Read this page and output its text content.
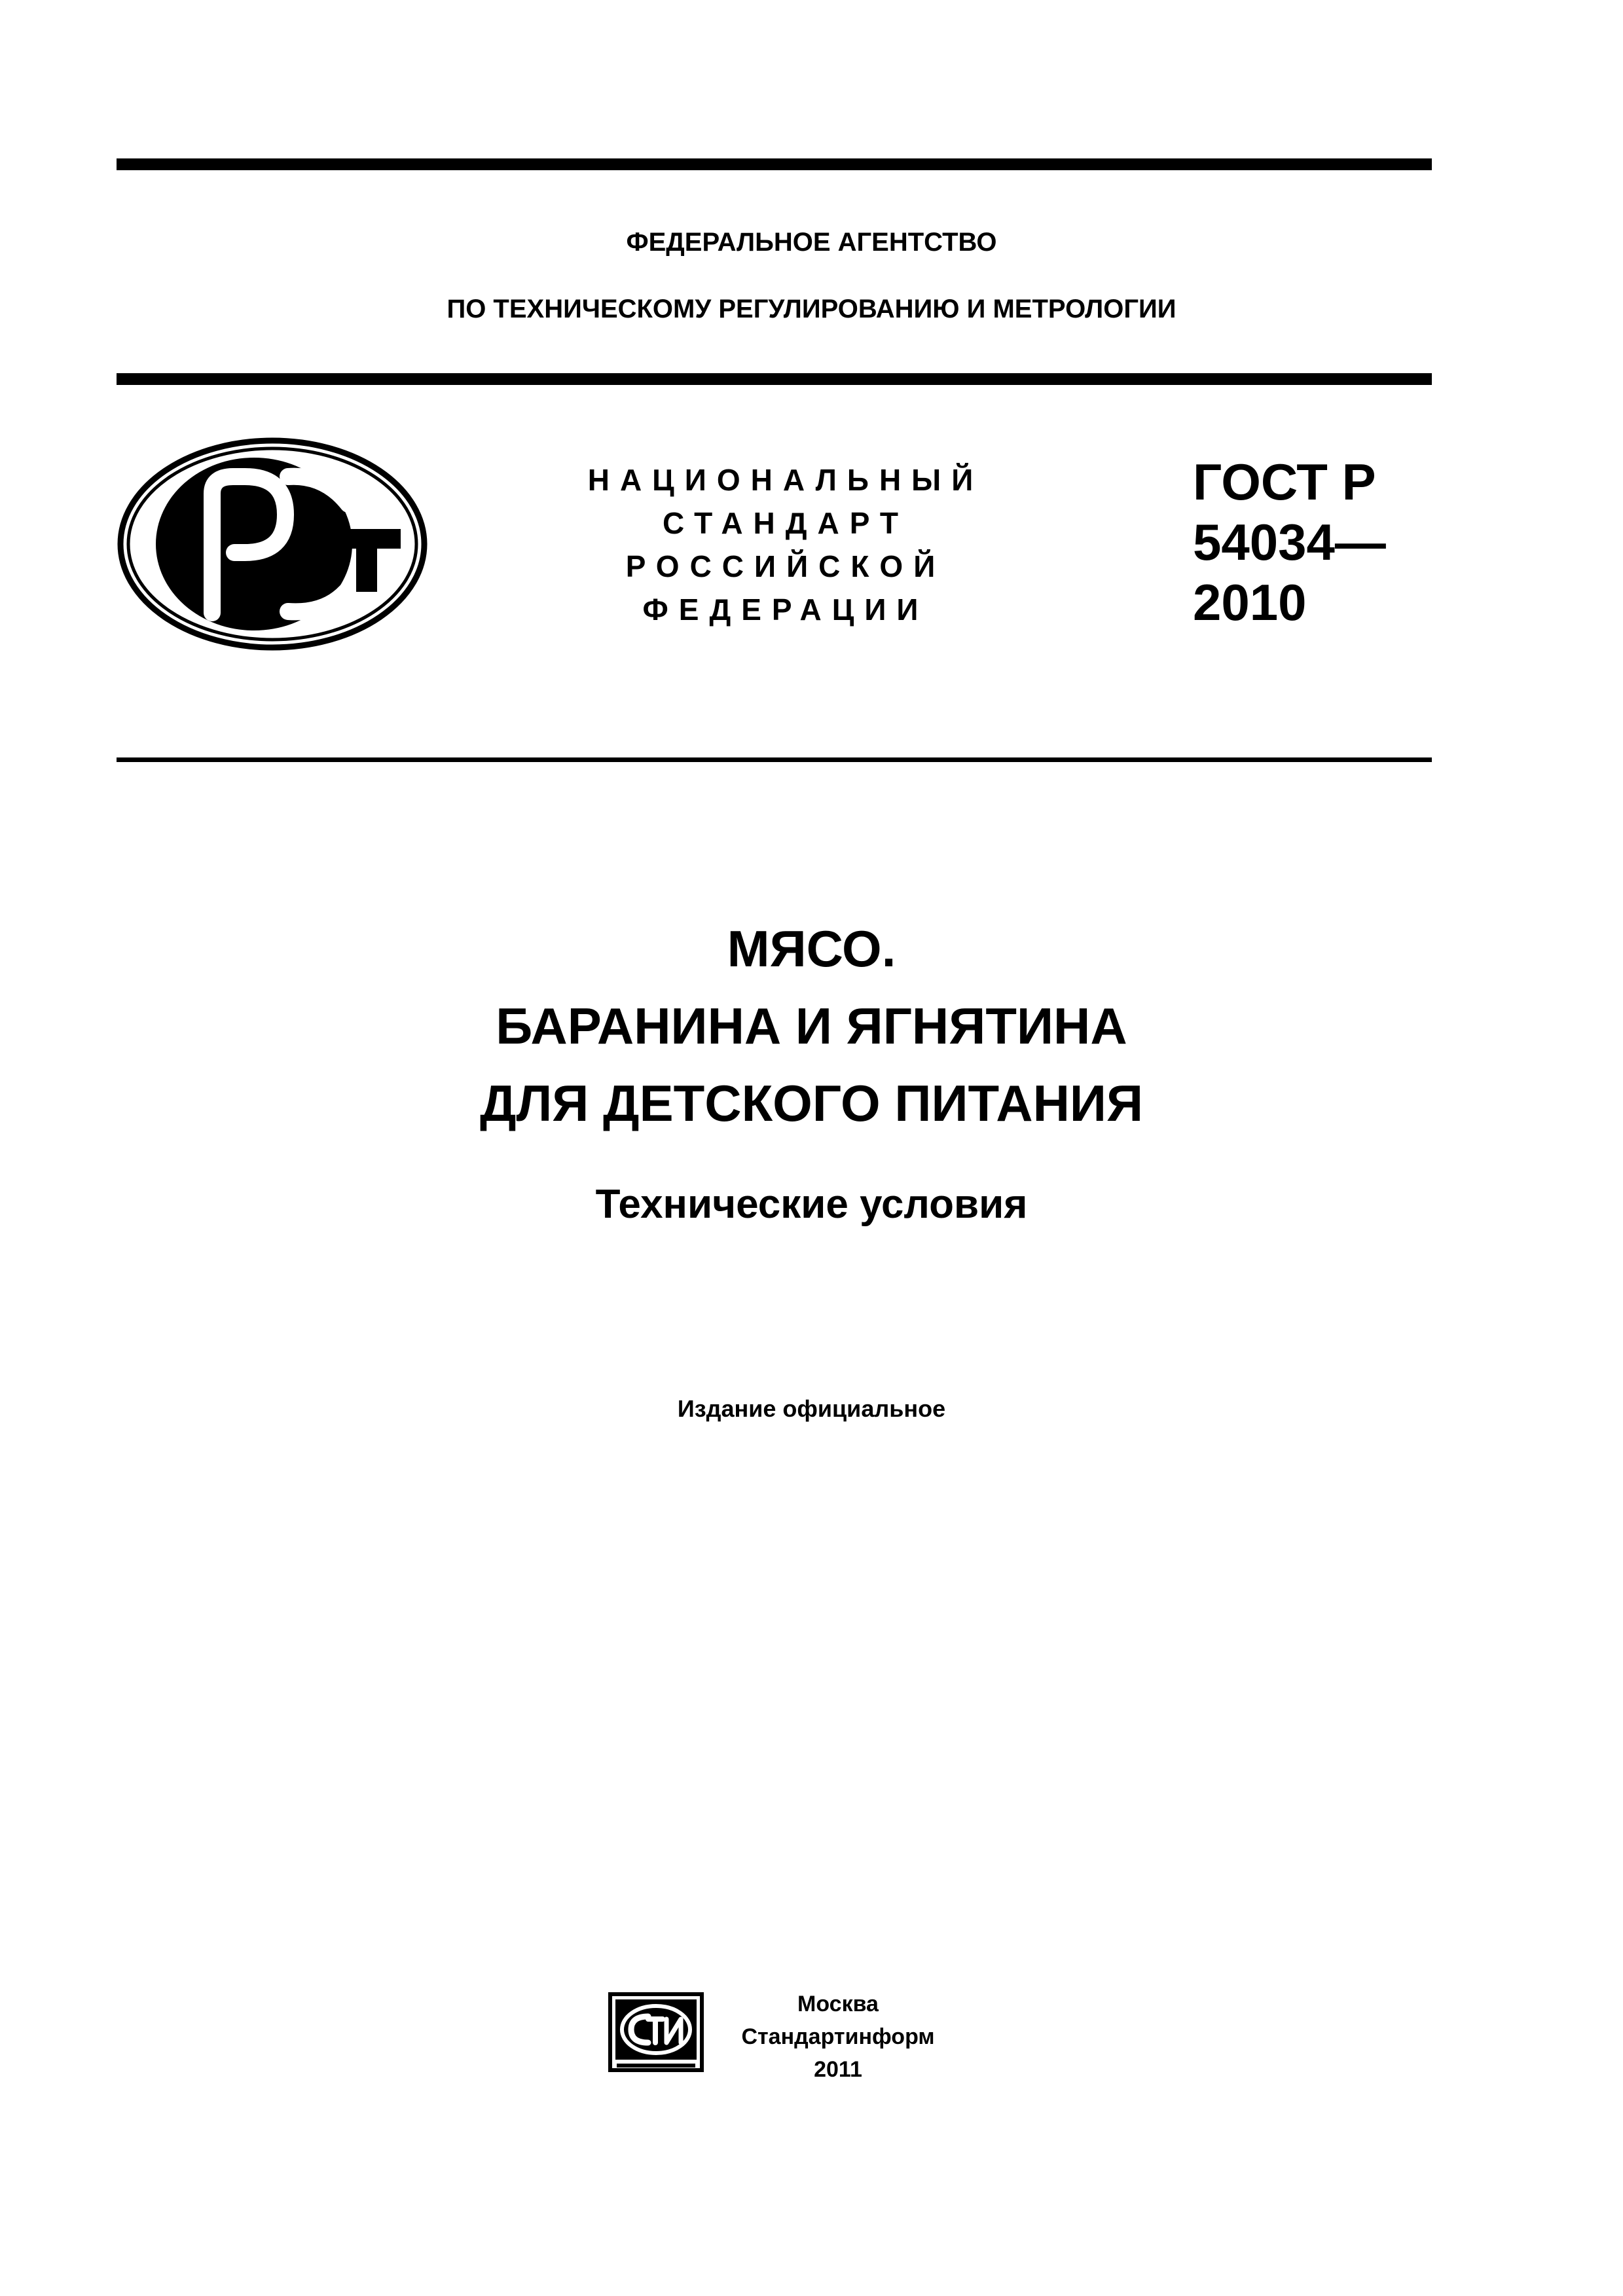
ФЕДЕРАЛЬНОЕ АГЕНТСТВО
ПО ТЕХНИЧЕСКОМУ РЕГУЛИРОВАНИЮ И МЕТРОЛОГИИ
НАЦИОНАЛЬНЫЙ
СТАНДАРТ
РОССИЙСКОЙ
ФЕДЕРАЦИИ
ГОСТ Р
54034—
2010
МЯСО.
БАРАНИНА И ЯГНЯТИНА
ДЛЯ ДЕТСКОГО ПИТАНИЯ
Технические условия
Издание официальное
Москва
Стандартинформ
2011
